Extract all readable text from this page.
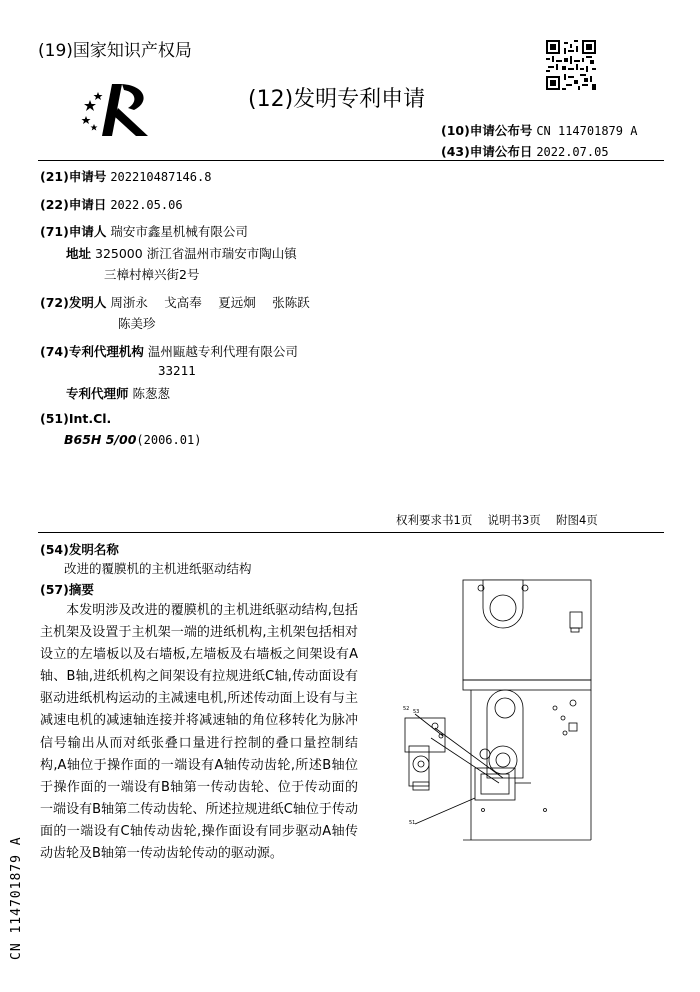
(19)国家知识产权局
(12)发明专利申请
(10)申请公布号 CN 114701879 A
(43)申请公布日 2022.07.05
(21)申请号 202210487146.8
(22)申请日 2022.05.06
(71)申请人 瑞安市鑫星机械有限公司
地址 325000 浙江省温州市瑞安市陶山镇
三樟村樟兴街2号
(72)发明人 周浙永　 戈高奉　 夏远炯　 张陈跃
陈美珍
(74)专利代理机构 温州甌越专利代理有限公司
33211
专利代理师 陈葱葱
(51)Int.Cl.
B65H 5/00(2006.01)
权利要求书1页　 说明书3页　 附图4页
(54)发明名称
改进的覆膜机的主机进纸驱动结构
(57)摘要
本发明涉及改进的覆膜机的主机进纸驱动结构,包括主机架及设置于主机架一端的进纸机构,主机架包括相对设立的左墙板以及右墙板,左墙板及右墙板之间架设有A轴、B轴,进纸机构之间架设有拉规进纸C轴,传动面设有驱动进纸机构运动的主减速电机,所述传动面上设有与主减速电机的减速轴连接并将减速轴的角位移转化为脉冲信号输出从而对纸张叠口量进行控制的叠口量控制结构,A轴位于操作面的一端设有A轴传动齿轮,所述B轴位于操作面的一端设有B轴第一传动齿轮、位于传动面的一端设有B轴第二传动齿轮、所述拉规进纸C轴位于传动面的一端设有C轴传动齿轮,操作面设有同步驱动A轴传动齿轮及B轴第一传动齿轮传动的驱动源。
52 53
51
CN 114701879 A
